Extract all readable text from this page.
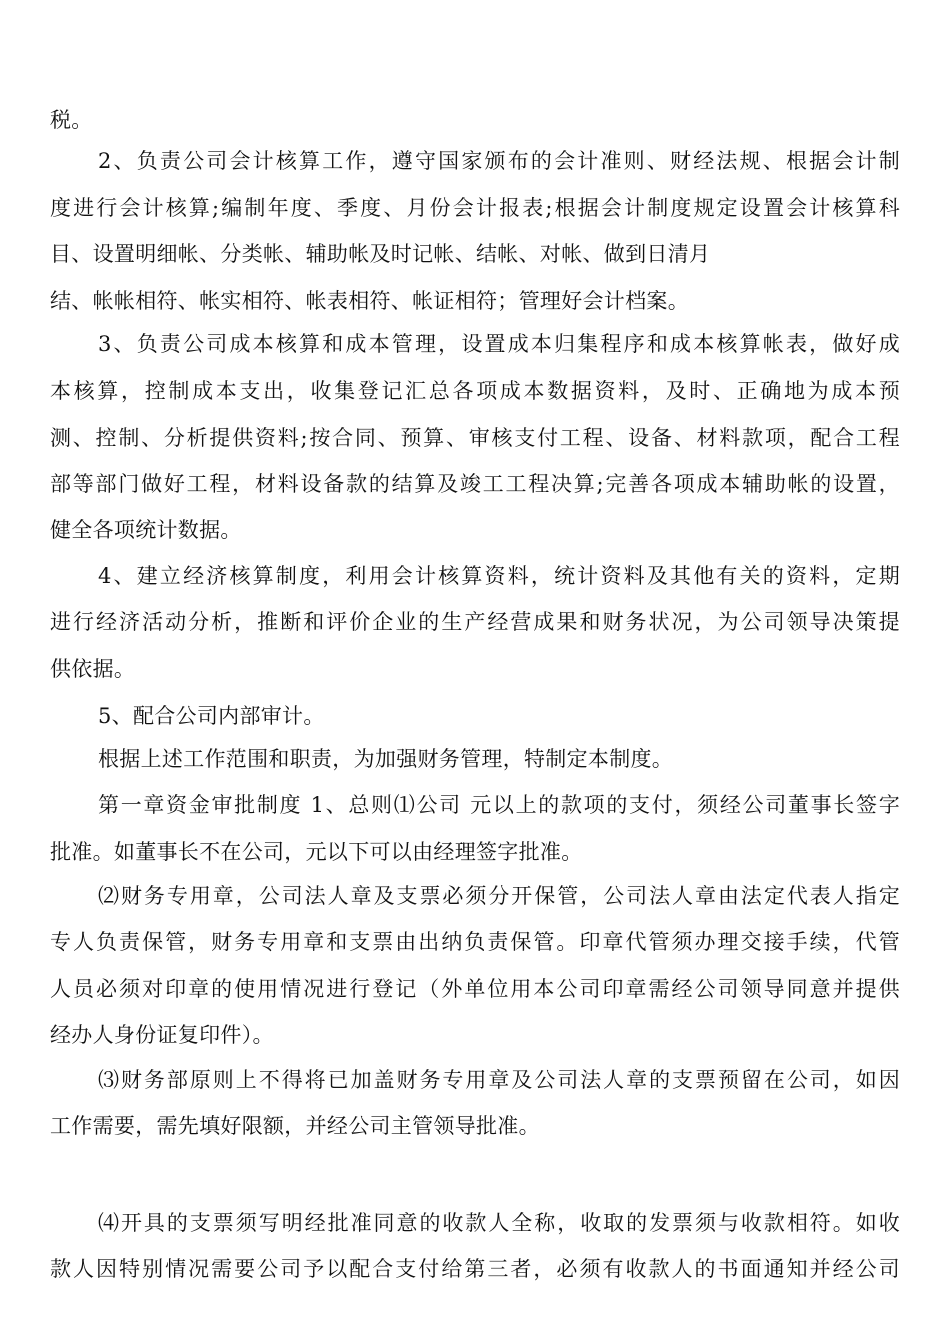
税。
2、负责公司会计核算工作，遵守国家颁布的会计准则、财经法规、根据会计制
度进行会计核算;编制年度、季度、月份会计报表;根据会计制度规定设置会计核算科
目、设置明细帐、分类帐、辅助帐及时记帐、结帐、对帐、做到日清月
结、帐帐相符、帐实相符、帐表相符、帐证相符；管理好会计档案。
3、负责公司成本核算和成本管理，设置成本归集程序和成本核算帐表，做好成
本核算，控制成本支出，收集登记汇总各项成本数据资料，及时、正确地为成本预
测、控制、分析提供资料;按合同、预算、审核支付工程、设备、材料款项，配合工程
部等部门做好工程，材料设备款的结算及竣工工程决算;完善各项成本辅助帐的设置，
健全各项统计数据。
4、建立经济核算制度，利用会计核算资料，统计资料及其他有关的资料，定期
进行经济活动分析，推断和评价企业的生产经营成果和财务状况，为公司领导决策提
供依据。
5、配合公司内部审计。
根据上述工作范围和职责，为加强财务管理，特制定本制度。
第一章资金审批制度 1、总则⑴公司 元以上的款项的支付，须经公司董事长签字
批准。如董事长不在公司，元以下可以由经理签字批准。
⑵财务专用章，公司法人章及支票必须分开保管，公司法人章由法定代表人指定
专人负责保管，财务专用章和支票由出纳负责保管。印章代管须办理交接手续，代管
人员必须对印章的使用情况进行登记（外单位用本公司印章需经公司领导同意并提供
经办人身份证复印件）。
⑶财务部原则上不得将已加盖财务专用章及公司法人章的支票预留在公司，如因
工作需要，需先填好限额，并经公司主管领导批准。
⑷开具的支票须写明经批准同意的收款人全称，收取的发票须与收款相符。如收
款人因特别情况需要公司予以配合支付给第三者，必须有收款人的书面通知并经公司
